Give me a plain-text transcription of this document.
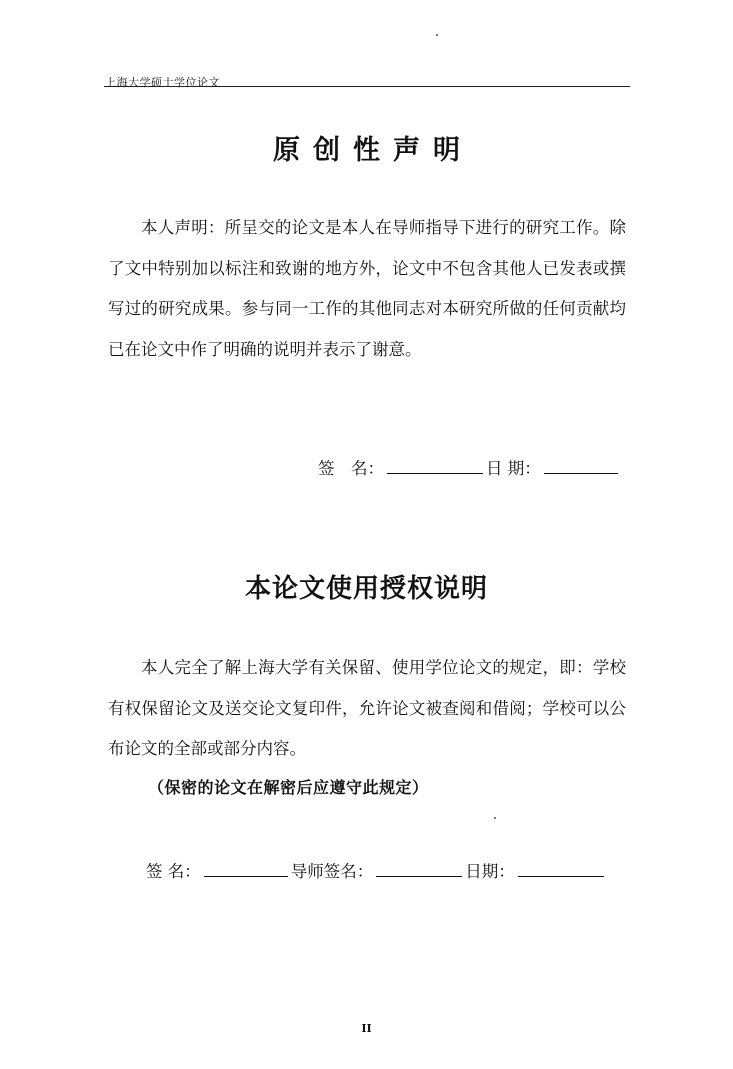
上海大学硕士学位论文
原创性声明
本人声明：所呈交的论文是本人在导师指导下进行的研究工作。除了文中特别加以标注和致谢的地方外，论文中不包含其他人已发表或撰写过的研究成果。参与同一工作的其他同志对本研究所做的任何贡献均已在论文中作了明确的说明并表示了谢意。
签　名：	日 期：
本论文使用授权说明
本人完全了解上海大学有关保留、使用学位论文的规定，即：学校有权保留论文及送交论文复印件，允许论文被查阅和借阅；学校可以公布论文的全部或部分内容。
（保密的论文在解密后应遵守此规定）
签 名：	导师签名：	日期：
II
